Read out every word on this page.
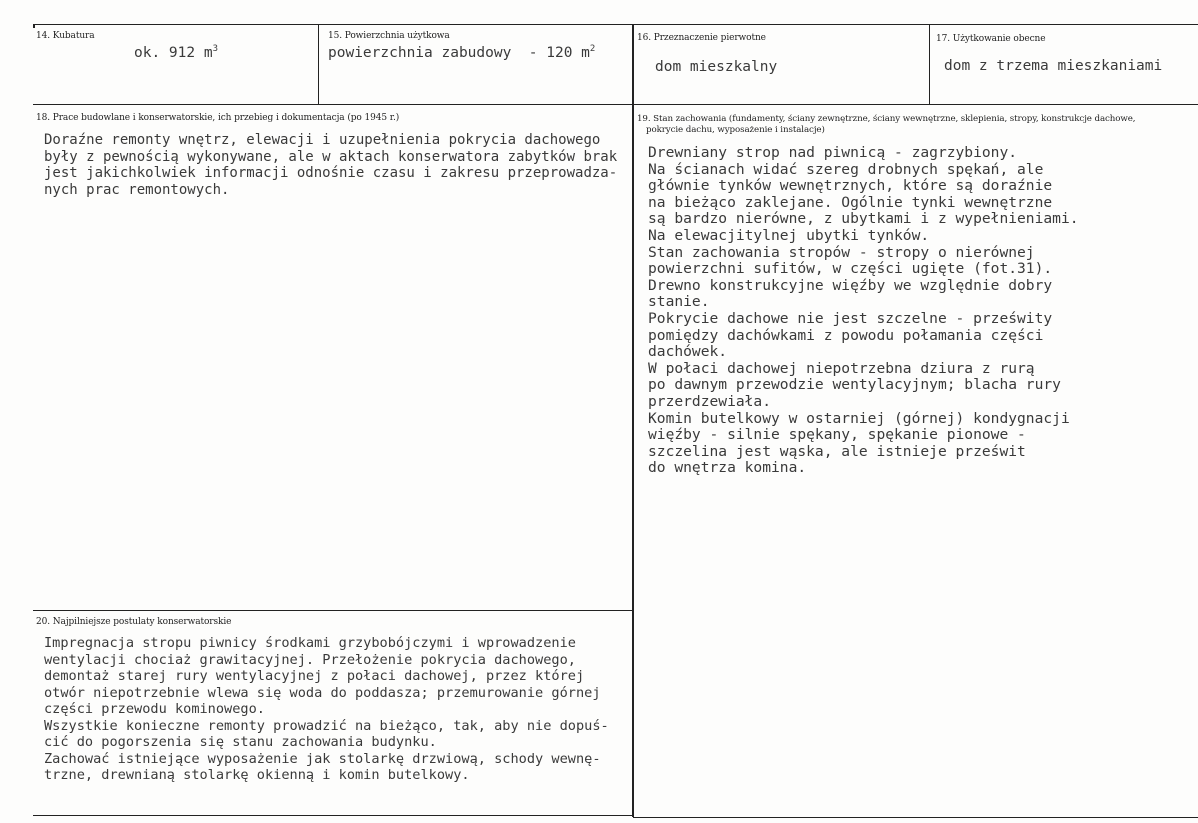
14. Kubatura
ok. 912 $m^3$
15. Powierzchnia użytkowa
powierzchnia zabudowy  - 120 $m^2$
16. Przeznaczenie pierwotne
dom mieszkalny
17. Użytkowanie obecne
dom z trzema mieszkaniami
18. Prace budowlane i konserwatorskie, ich przebieg i dokumentacja (po 1945 r.)
Doraźne remonty wnętrz, elewacji i uzupełnienia pokrycia dachowego
były z pewnością wykonywane, ale w aktach konserwatora zabytków brak
jest jakichkolwiek informacji odnośnie czasu i zakresu przeprowadza-
nych prac remontowych.
19. Stan zachowania (fundamenty, ściany zewnętrzne, ściany wewnętrzne, sklepienia, stropy, konstrukcje dachowe,
pokrycie dachu, wyposażenie i instalacje)
Drewniany strop nad piwnicą - zagrzybiony.
Na ścianach widać szereg drobnych spękań, ale
głównie tynków wewnętrznych, które są doraźnie
na bieżąco zaklejane. Ogólnie tynki wewnętrzne
są bardzo nierówne, z ubytkami i z wypełnieniami.
Na elewacjitylnej ubytki tynków.
Stan zachowania stropów - stropy o nierównej
powierzchni sufitów, w części ugięte (fot.31).
Drewno konstrukcyjne więźby we względnie dobry
stanie.
Pokrycie dachowe nie jest szczelne - prześwity
pomiędzy dachówkami z powodu połamania części
dachówek.
W połaci dachowej niepotrzebna dziura z rurą
po dawnym przewodzie wentylacyjnym; blacha rury
przerdzewiała.
Komin butelkowy w ostarniej (górnej) kondygnacji
więźby - silnie spękany, spękanie pionowe -
szczelina jest wąska, ale istnieje prześwit
do wnętrza komina.
20. Najpilniejsze postulaty konserwatorskie
Impregnacja stropu piwnicy środkami grzybobójczymi i wprowadzenie
wentylacji chociaż grawitacyjnej. Przełożenie pokrycia dachowego,
demontaż starej rury wentylacyjnej z połaci dachowej, przez której
otwór niepotrzebnie wlewa się woda do poddasza; przemurowanie górnej
części przewodu kominowego.
Wszystkie konieczne remonty prowadzić na bieżąco, tak, aby nie dopuś-
cić do pogorszenia się stanu zachowania budynku.
Zachować istniejące wyposażenie jak stolarkę drzwiową, schody wewnę-
trzne, drewnianą stolarkę okienną i komin butelkowy.
